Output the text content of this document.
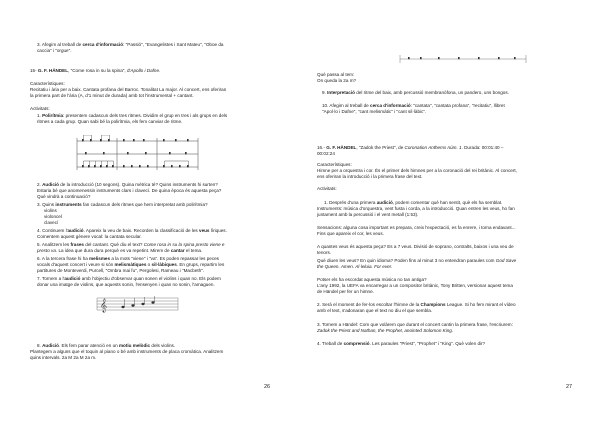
3. Afegim al treball de cerca d'informació: "Passió", "Evangelistes i Sant Mateu", "Oboe da
caccia" i "orgue".
15- G. F. HÄNDEL, "Come rosa in su la spina", d'Apollo i Dafne.
Característiques:
Recitatiu i ària per a baix. Cantata profana del Barroc. Tonalitat La major. Al concert, ens oferiran
la primera part de l'ària (A, d'1 minut de durada) amb tot l'instrumental + cantant.
Activitats:
1. Polirítmia: presentem cadascun dels tres ritmes. Dividim el grup en tres i als grups en dels
ritmes a cada grup. Quan sabi bé la polirítmia, els fem canviar de ritme.
2. Audició de la introducció (10 segons). Quina mètrica té? Quins instruments hi surten?
Estaria bé que anomenessin instruments clars i clavecí. De quina època és aquesta peça?
Què vindrà a continuació?
3. Quins instruments fan cadascun dels ritmes que hem interpretat amb polirítmia?
violins
violoncel
clavecí
4. Continuem l'audició. Apareix la veu de baix. Recorden la classificació de les veus líriques.
Comentem aquest gènere vocal: la cantata secular.
5. Analitzem les frases del cantant. Què diu el text? Come rosa in su la spina presto viene e
presto va. La idea que dura dura perquè es va repetint. Mirem de cantar el tema.
6. A la tercera frase hi ha melismes a la mots "viene" i "va". Es poden repassar les peces
vocals d'aquest concert i veure si són melismàtiques o sil·làbiques. En grups, repartim les
partitures de Monteverdi, Purcell, "Ombra mai fu", Pergolesi, Rameau i "Macbeth".
7. Tornem a l'audició amb l'objectiu d'observar quan sonen el violins i quan no. Els podem
donar una imatge de violins, que aquests sonin, l'ensenyen i quan no sonin, l'amaguen.
𝄞
8. Audició. Els fem parar atenció en un motiu melòdic dels violins.
Plantegem a alguns que el toquin al piano o bé amb instruments de placa cromàtica. Analitzem
quins intervals. 2a M 2a M 2a m.
26
Què passa al tem:
On queda la 2a m?
9. Interpretació del ritme del baix, amb percussió membranòfona, un pandero, uns bongos.
10. Afegim al treball de cerca d'informació: "cantata", "cantata profana", "recitatiu", llibret
"Apol·lo i Dafne", "cant melismàtic" i "cant sil·làbic".
16.- G. F. HÄNDEL, "Zadok the Priest", de Coronation Anthems núm. 1. Durada: 00:01:40 –
00:02:24
Característiques:
Himne per a orquestra i cor. És el primer dels himnes per a la coronació del rei britànic. Al concert,
ens oferiran la introducció i la primera frase del text.
Activitats:
1. Després d'una primera audició, podem comentar què han sentit, què els ha semblat.
Instruments: música d'orquestra, vent fusta i corda, a la introducció. Quan entren les veus, ho fan
juntament amb la percussió i el vent metall (1:53).
Sensacions: alguna cosa important es prepara, creix l'expectació, es fa enrere, i torna endavant...
Fins que apareix el cor, les veus.
A quantes veus és aquesta peça? Es a 7 veus. Divisió de soprano, contralts, baixos i una veu de
tenors.
Què diuen les veus? En quin idioma? Poden fins al minut 3 no entendran paraules com God Save
the Queen. Amen. Al·leluia. For ever.
Potser els ha escordat aquesta música no tan antiga?
L'any 1992, la UEFA va encarregar a un compositor britànic, Tony Britten, versionar aquest tema
de Händel per fer un himne.
2. Serà el moment de fer-los escoltar l'himne de la Champions League. Si ho fem mirant el vídeo
amb el text, s'adonaran que el text no diu el que sembla.
3. Tornem a Händel: Com que volàrem que durant el concert cantin la primera frase, l'escriurem:
Zadok the Priest and Nathan, the Prophet, anointed Solomon King.
4. Treball de comprensió. Les paraules "Priest", "Prophet" i "King". Què volen dir?
27
